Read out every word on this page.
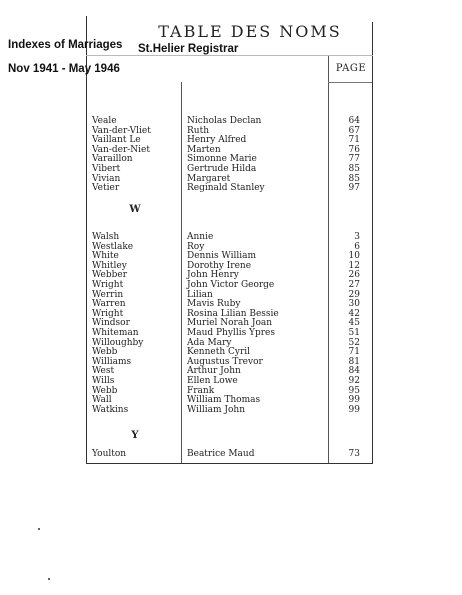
TABLE DES NOMS
PAGE
Indexes of Marriages St.Helier Registrar
Nov 1941 - May 1946
Veale	Nicholas Declan	64
Van-der-Vliet	Ruth	67
Vaillant Le	Henry Alfred	71
Van-der-Niet	Marten	76
Varaillon	Simonne Marie	77
Vibert	Gertrude Hilda	85
Vivian	Margaret	85
Vetier	Reginald Stanley	97
W
Walsh	Annie	3
Westlake	Roy	6
White	Dennis William	10
Whitley	Dorothy Irene	12
Webber	John Henry	26
Wright	John Victor George	27
Werrin	Lilian	29
Warren	Mavis Ruby	30
Wright	Rosina Lilian Bessie	42
Windsor	Muriel Norah Joan	45
Whiteman	Maud Phyllis Ypres	51
Willoughby	Ada Mary	52
Webb	Kenneth Cyril	71
Williams	Augustus Trevor	81
West	Arthur John	84
Wills	Ellen Lowe	92
Webb	Frank	95
Wall	William Thomas	99
Watkins	William John	99
Y
Youlton	Beatrice Maud	73
